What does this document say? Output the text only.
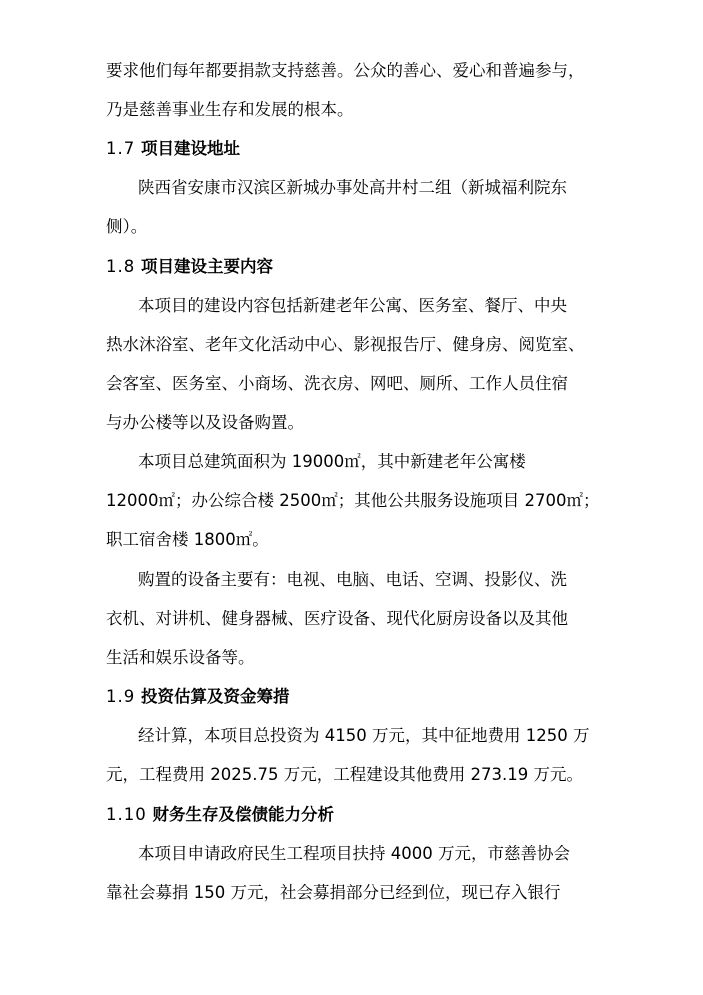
要求他们每年都要捐款支持慈善。公众的善心、爱心和普遍参与，
乃是慈善事业生存和发展的根本。
1.7 项目建设地址
陕西省安康市汉滨区新城办事处高井村二组（新城福利院东
侧）。
1.8 项目建设主要内容
本项目的建设内容包括新建老年公寓、医务室、餐厅、中央
热水沐浴室、老年文化活动中心、影视报告厅、健身房、阅览室、
会客室、医务室、小商场、洗衣房、网吧、厕所、工作人员住宿
与办公楼等以及设备购置。
本项目总建筑面积为 19000㎡，其中新建老年公寓楼
12000㎡；办公综合楼 2500㎡；其他公共服务设施项目 2700㎡；
职工宿舍楼 1800㎡。
购置的设备主要有：电视、电脑、电话、空调、投影仪、洗
衣机、对讲机、健身器械、医疗设备、现代化厨房设备以及其他
生活和娱乐设备等。
1.9 投资估算及资金筹措
经计算，本项目总投资为 4150 万元，其中征地费用 1250 万
元，工程费用 2025.75 万元，工程建设其他费用 273.19 万元。
1.10 财务生存及偿债能力分析
本项目申请政府民生工程项目扶持 4000 万元，市慈善协会
靠社会募捐 150 万元，社会募捐部分已经到位，现已存入银行
